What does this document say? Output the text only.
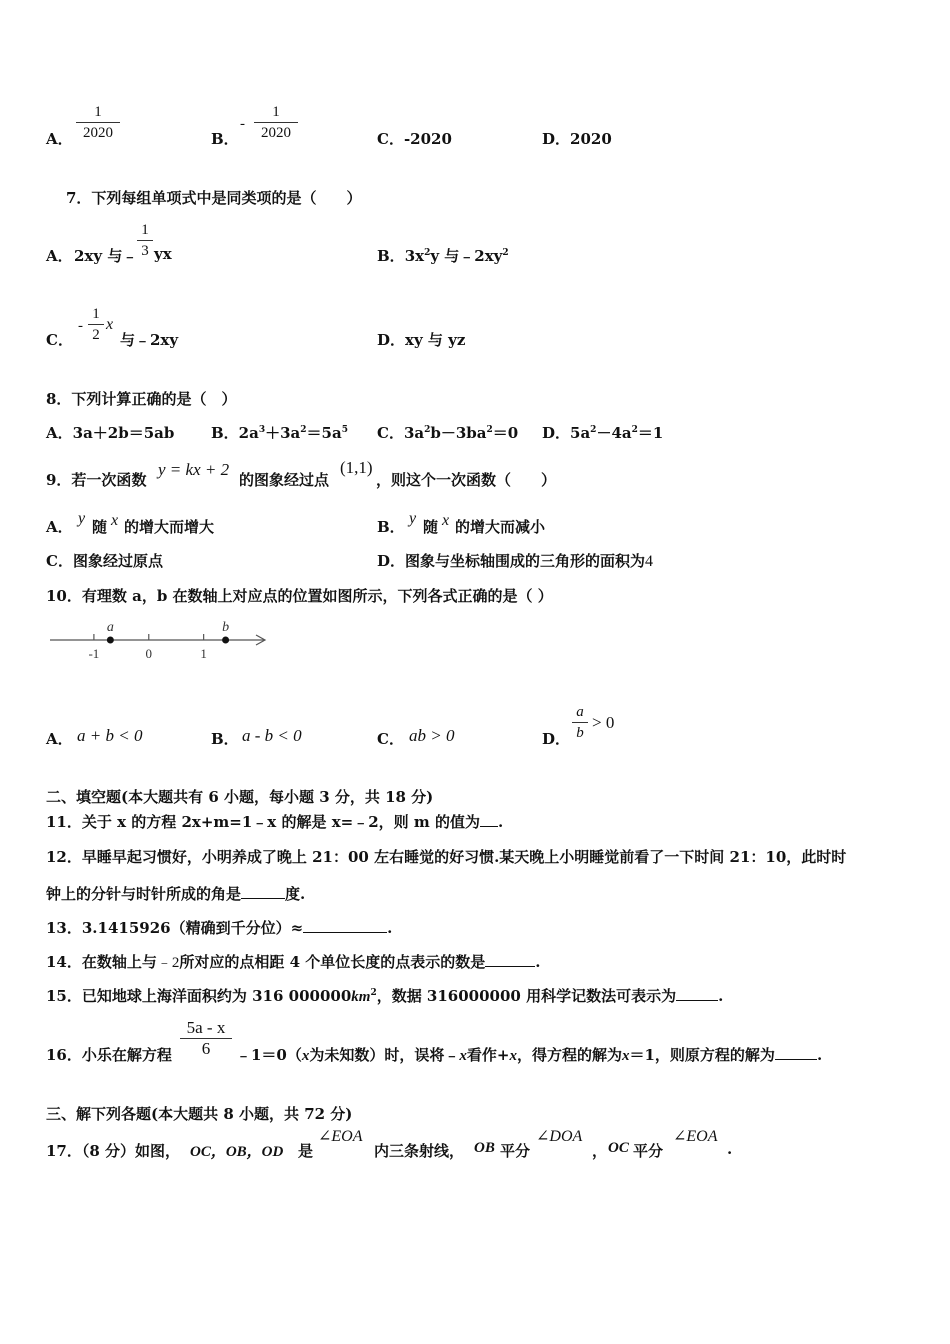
A．
1
2020	B．
-
1
2020	C．-2020	D．2020
7．下列每组单项式中是同类项的是（　　）
A． 2xy 与﹣
1
3 yx	B．$3x^2y$ 与$﹣2xy^2$
C．
-
1
2
x
与﹣2xy	D．xy 与 yz
8．下列计算正确的是（　）
A．3a＋2b＝5ab B．$2a^3+3a^2=5a^5$ C．$3a^2b-3ba^2=0$ D．$5a^2-4a^2=1$
9．若一次函数
y = kx + 2
的图象经过点
(1,1)
，则这个一次函数（　　）
A． y 随 x 的增大而增大	B． y 随 x 的增大而减小
C．图象经过原点	D．图象与坐标轴围成的三角形的面积为4
10．有理数 a，b 在数轴上对应点的位置如图所示，下列各式正确的是（ ）
-1	0	1
a	b
A． a + b < 0	B． a - b < 0	C． ab > 0	D．
a
b
> 0
二、填空题(本大题共有 6 小题，每小题 3 分，共 18 分)
11．关于 x 的方程 2x+m=1﹣x 的解是 x=﹣2，则 m 的值为 .
12．早睡早起习惯好，小明养成了晚上 21：00 左右睡觉的好习惯.某天晚上小明睡觉前看了一下时间 21：10，此时时
钟上的分针与时针所成的角是	度.
13．3.1415926（精确到千分位）≈	.
14．在数轴上与﹣2所对应的点相距 4 个单位长度的点表示的数是	.
15．已知地球上海洋面积约为 316 $000000km^2$，数据 316000000 用科学记数法可表示为	.
16．小乐在解方程
5a - x
6	﹣1＝0（x为未知数）时，误将﹣x看作+x，得方程的解为x＝1，则原方程的解为	.
三、解下列各题(本大题共 8 小题，共 72 分)
17．（8 分）如图， OC，OB，OD 是
∠EOA
内三条射线， OB 平分
∠DOA
， OC 平分
∠EOA
.
